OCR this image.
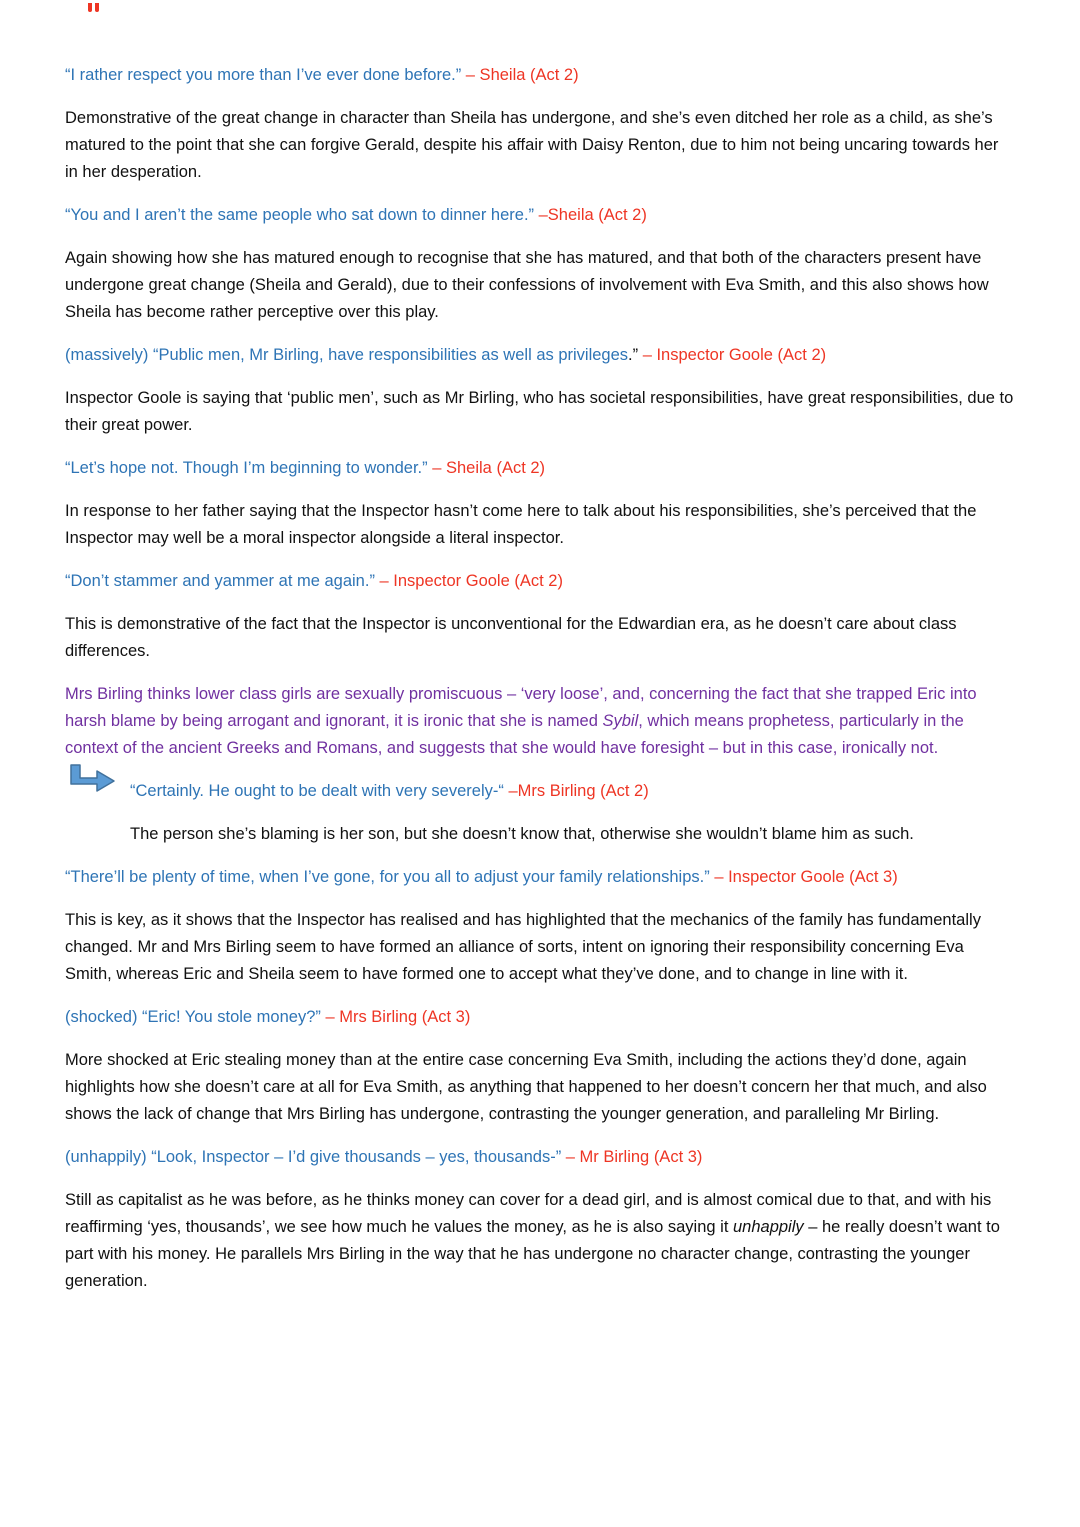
“I rather respect you more than I’ve ever done before.” – Sheila (Act 2)

Demonstrative of the great change in character than Sheila has undergone, and she’s even ditched her role as a child, as she’s matured to the point that she can forgive Gerald, despite his affair with Daisy Renton, due to him not being uncaring towards her in her desperation.

“You and I aren’t the same people who sat down to dinner here.” –Sheila (Act 2)

Again showing how she has matured enough to recognise that she has matured, and that both of the characters present have undergone great change (Sheila and Gerald), due to their confessions of involvement with Eva Smith, and this also shows how Sheila has become rather perceptive over this play.

(massively) “Public men, Mr Birling, have responsibilities as well as privileges.” – Inspector Goole (Act 2)

Inspector Goole is saying that ‘public men’, such as Mr Birling, who has societal responsibilities, have great responsibilities, due to their great power.

“Let’s hope not. Though I’m beginning to wonder.” – Sheila (Act 2)

In response to her father saying that the Inspector hasn’t come here to talk about his responsibilities, she’s perceived that the Inspector may well be a moral inspector alongside a literal inspector.

“Don’t stammer and yammer at me again.” – Inspector Goole (Act 2)

This is demonstrative of the fact that the Inspector is unconventional for the Edwardian era, as he doesn’t care about class differences.

Mrs Birling thinks lower class girls are sexually promiscuous – ‘very loose’, and, concerning the fact that she trapped Eric into harsh blame by being arrogant and ignorant, it is ironic that she is named Sybil, which means prophetess, particularly in the context of the ancient Greeks and Romans, and suggests that she would have foresight – but in this case, ironically not.

“Certainly. He ought to be dealt with very severely-“ –Mrs Birling (Act 2)

The person she’s blaming is her son, but she doesn’t know that, otherwise she wouldn’t blame him as such.

“There’ll be plenty of time, when I’ve gone, for you all to adjust your family relationships.” – Inspector Goole (Act 3)

This is key, as it shows that the Inspector has realised and has highlighted that the mechanics of the family has fundamentally changed. Mr and Mrs Birling seem to have formed an alliance of sorts, intent on ignoring their responsibility concerning Eva Smith, whereas Eric and Sheila seem to have formed one to accept what they’ve done, and to change in line with it.

(shocked) “Eric! You stole money?” – Mrs Birling (Act 3)

More shocked at Eric stealing money than at the entire case concerning Eva Smith, including the actions they’d done, again highlights how she doesn’t care at all for Eva Smith, as anything that happened to her doesn’t concern her that much, and also shows the lack of change that Mrs Birling has undergone, contrasting the younger generation, and paralleling Mr Birling.

(unhappily) “Look, Inspector – I’d give thousands – yes, thousands-” – Mr Birling (Act 3)

Still as capitalist as he was before, as he thinks money can cover for a dead girl, and is almost comical due to that, and with his reaffirming ‘yes, thousands’, we see how much he values the money, as he is also saying it unhappily – he really doesn’t want to part with his money. He parallels Mrs Birling in the way that he has undergone no character change, contrasting the younger generation.
